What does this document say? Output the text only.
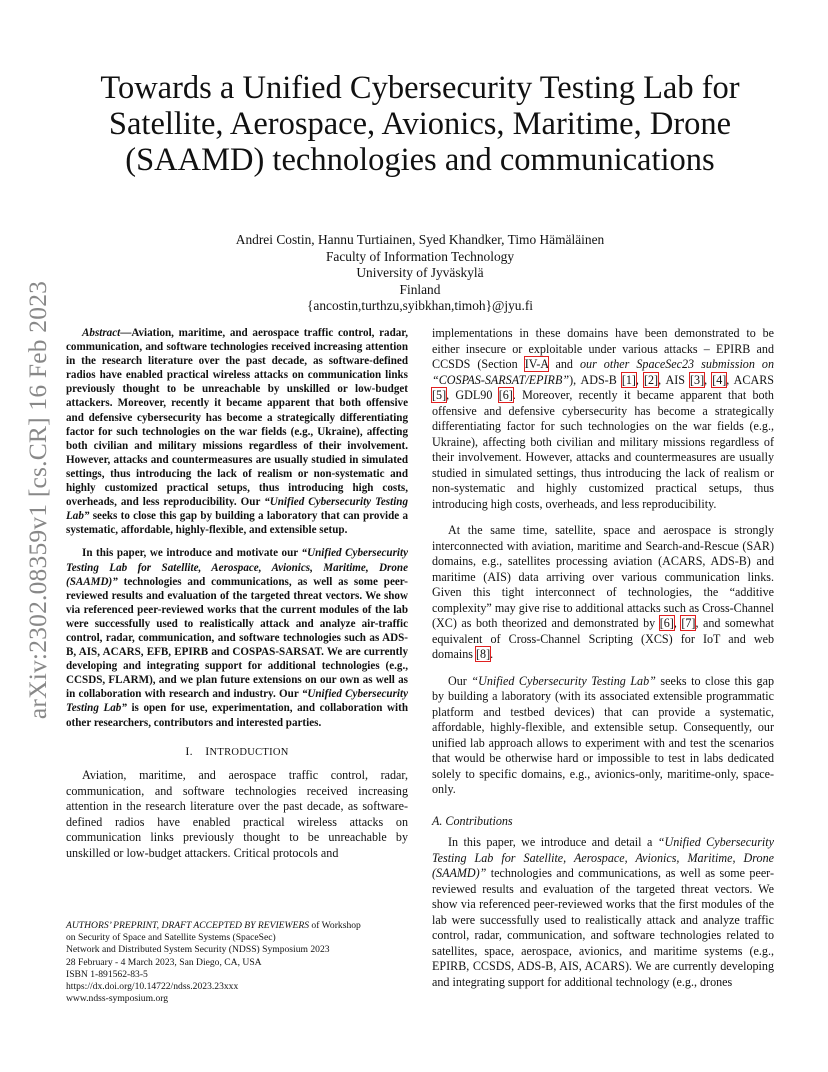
arXiv:2302.08359v1 [cs.CR] 16 Feb 2023
Towards a Unified Cybersecurity Testing Lab for
Satellite, Aerospace, Avionics, Maritime, Drone
(SAAMD) technologies and communications
Andrei Costin, Hannu Turtiainen, Syed Khandker, Timo Hämäläinen
Faculty of Information Technology
University of Jyväskylä
Finland
{ancostin,turthzu,syibkhan,timoh}@jyu.fi

Abstract—Aviation, maritime, and aerospace traffic control, radar, communication, and software technologies received increasing attention in the research literature over the past decade, as software-defined radios have enabled practical wireless attacks on communication links previously thought to be unreachable by unskilled or low-budget attackers. Moreover, recently it became apparent that both offensive and defensive cybersecurity has become a strategically differentiating factor for such technologies on the war fields (e.g., Ukraine), affecting both civilian and military missions regardless of their involvement. However, attacks and countermeasures are usually studied in simulated settings, thus introducing the lack of realism or non-systematic and highly customized practical setups, thus introducing high costs, overheads, and less reproducibility. Our “Unified Cybersecurity Testing Lab” seeks to close this gap by building a laboratory that can provide a systematic, affordable, highly-flexible, and extensible setup.

In this paper, we introduce and motivate our “Unified Cybersecurity Testing Lab for Satellite, Aerospace, Avionics, Maritime, Drone (SAAMD)” technologies and communications, as well as some peer-reviewed results and evaluation of the targeted threat vectors. We show via referenced peer-reviewed works that the current modules of the lab were successfully used to realistically attack and analyze air-traffic control, radar, communication, and software technologies such as ADS-B, AIS, ACARS, EFB, EPIRB and COSPAS-SARSAT. We are currently developing and integrating support for additional technologies (e.g., CCSDS, FLARM), and we plan future extensions on our own as well as in collaboration with research and industry. Our “Unified Cybersecurity Testing Lab” is open for use, experimentation, and collaboration with other researchers, contributors and interested parties.

I.  INTRODUCTION

Aviation, maritime, and aerospace traffic control, radar, communication, and software technologies received increasing attention in the research literature over the past decade, as software-defined radios have enabled practical wireless attacks on communication links previously thought to be unreachable by unskilled or low-budget attackers. Critical protocols and

AUTHORS’ PREPRINT, DRAFT ACCEPTED BY REVIEWERS of Workshop
on Security of Space and Satellite Systems (SpaceSec)
Network and Distributed System Security (NDSS) Symposium 2023
28 February - 4 March 2023, San Diego, CA, USA
ISBN 1-891562-83-5
https://dx.doi.org/10.14722/ndss.2023.23xxx
www.ndss-symposium.org

implementations in these domains have been demonstrated to be either insecure or exploitable under various attacks – EPIRB and CCSDS (Section IV-A and our other SpaceSec23 submission on “COSPAS-SARSAT/EPIRB”), ADS-B [1], [2], AIS [3], [4], ACARS [5], GDL90 [6]. Moreover, recently it became apparent that both offensive and defensive cybersecurity has become a strategically differentiating factor for such technologies on the war fields (e.g., Ukraine), affecting both civilian and military missions regardless of their involvement. However, attacks and countermeasures are usually studied in simulated settings, thus introducing the lack of realism or non-systematic and highly customized practical setups, thus introducing high costs, overheads, and less reproducibility.

At the same time, satellite, space and aerospace is strongly interconnected with aviation, maritime and Search-and-Rescue (SAR) domains, e.g., satellites processing aviation (ACARS, ADS-B) and maritime (AIS) data arriving over various communication links. Given this tight interconnect of technologies, the “additive complexity” may give rise to additional attacks such as Cross-Channel (XC) as both theorized and demonstrated by [6], [7], and somewhat equivalent of Cross-Channel Scripting (XCS) for IoT and web domains [8].

Our “Unified Cybersecurity Testing Lab” seeks to close this gap by building a laboratory (with its associated extensible programmatic platform and testbed devices) that can provide a systematic, affordable, highly-flexible, and extensible setup. Consequently, our unified lab approach allows to experiment with and test the scenarios that would be otherwise hard or impossible to test in labs dedicated solely to specific domains, e.g., avionics-only, maritime-only, space-only.

A. Contributions

In this paper, we introduce and detail a “Unified Cybersecurity Testing Lab for Satellite, Aerospace, Avionics, Maritime, Drone (SAAMD)” technologies and communications, as well as some peer-reviewed results and evaluation of the targeted threat vectors. We show via referenced peer-reviewed works that the first modules of the lab were successfully used to realistically attack and analyze traffic control, radar, communication, and software technologies related to satellites, space, aerospace, avionics, and maritime systems (e.g., EPIRB, CCSDS, ADS-B, AIS, ACARS). We are currently developing and integrating support for additional technology (e.g., drones
